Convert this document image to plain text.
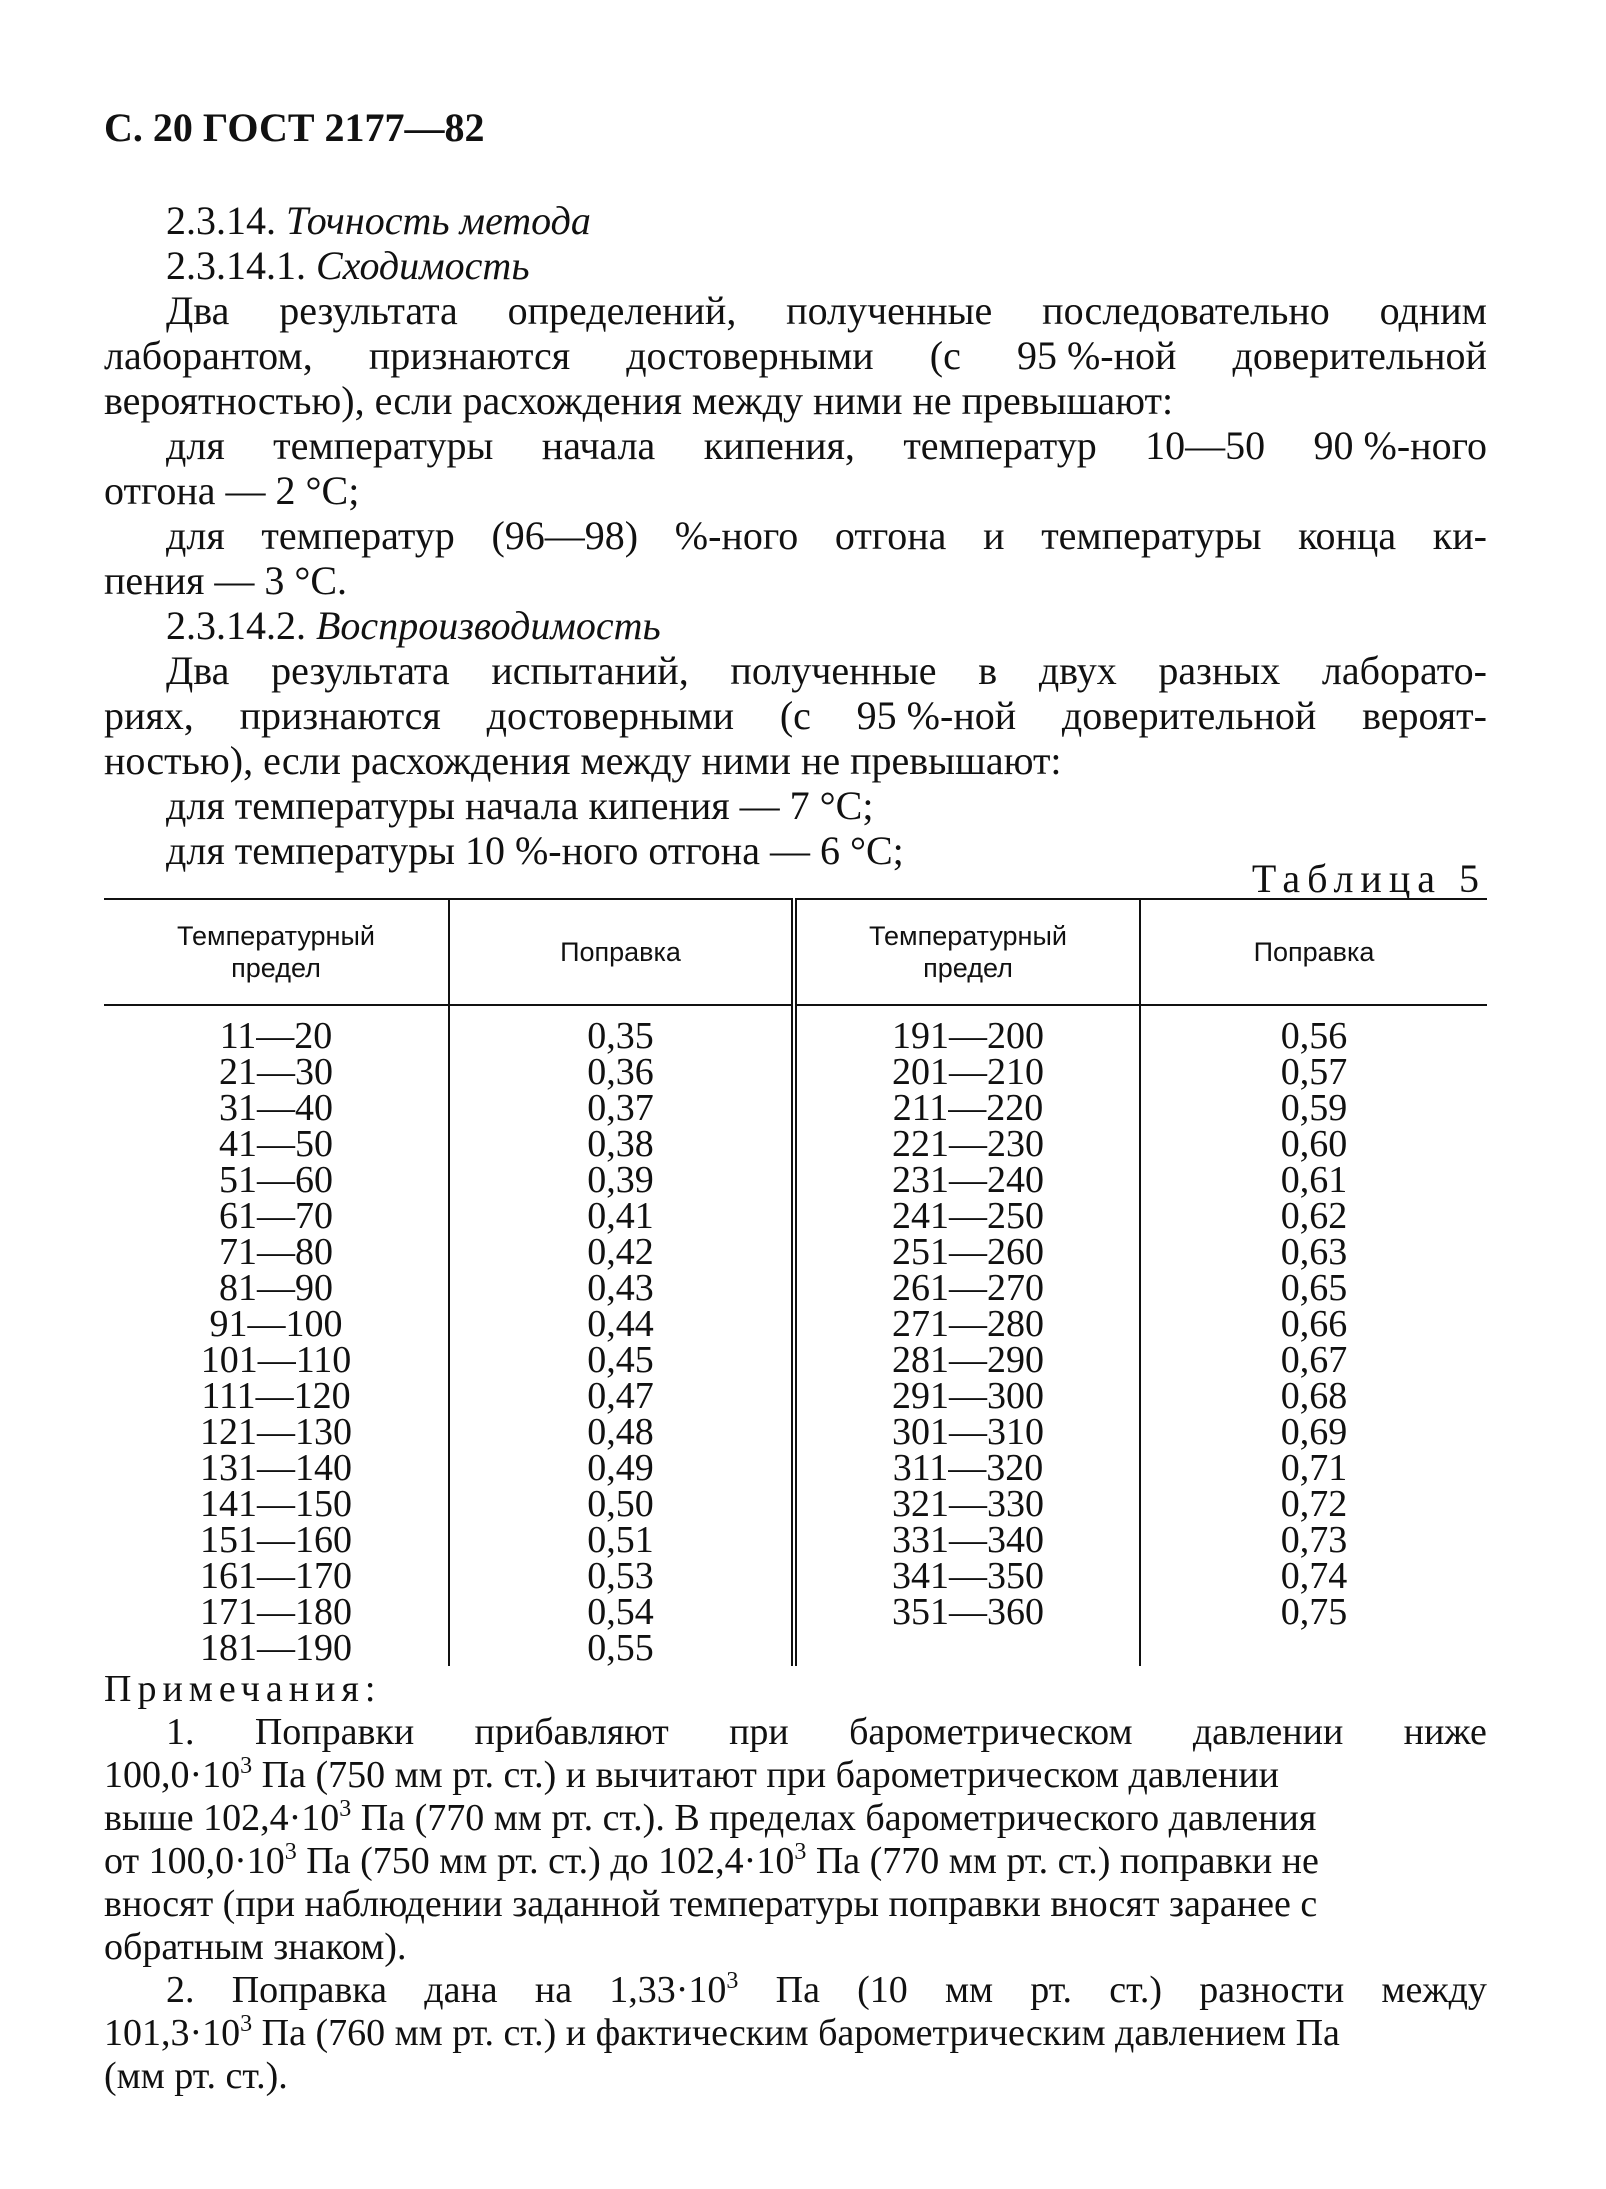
С. 20 ГОСТ 2177—82
2.3.14. Точность метода
2.3.14.1. Сходимость
Два результата определений, полученные последовательно одним
лаборантом, признаются достоверными (с 95 %-ной доверительной
вероятностью), если расхождения между ними не превышают:
для температуры начала кипения, температур 10—50 90 %-ного
отгона — 2 °С;
для температур (96—98) %-ного отгона и температуры конца ки-
пения — 3 °С.
2.3.14.2. Воспроизводимость
Два результата испытаний, полученные в двух разных лаборато-
риях, признаются достоверными (с 95 %-ной доверительной вероят-
ностью), если расхождения между ними не превышают:
для температуры начала кипения — 7 °С;
для температуры 10 %-ного отгона — 6 °С;
Таблица 5
Температурный
предел	Поправка	Температурный
предел	Поправка
11—20	0,35	191—200	0,56
21—30	0,36	201—210	0,57
31—40	0,37	211—220	0,59
41—50	0,38	221—230	0,60
51—60	0,39	231—240	0,61
61—70	0,41	241—250	0,62
71—80	0,42	251—260	0,63
81—90	0,43	261—270	0,65
91—100	0,44	271—280	0,66
101—110	0,45	281—290	0,67
111—120	0,47	291—300	0,68
121—130	0,48	301—310	0,69
131—140	0,49	311—320	0,71
141—150	0,50	321—330	0,72
151—160	0,51	331—340	0,73
161—170	0,53	341—350	0,74
171—180	0,54	351—360	0,75
181—190	0,55		
Примечания:
1. Поправки прибавляют при барометрическом давлении ниже
$100,0\cdot 10^3$ Па (750 мм рт. ст.) и вычитают при барометрическом давлении
выше $102,4\cdot 10^3$ Па (770 мм рт. ст.). В пределах барометрического давления
от $100,0\cdot 10^3$ Па (750 мм рт. ст.) до $102,4\cdot 10^3$ Па (770 мм рт. ст.) поправки не
вносят (при наблюдении заданной температуры поправки вносят заранее с
обратным знаком).
2. Поправка дана на $1,33\cdot 10^3$ Па (10 мм рт. ст.) разности между
$101,3\cdot 10^3$ Па (760 мм рт. ст.) и фактическим барометрическим давлением Па
(мм рт. ст.).
